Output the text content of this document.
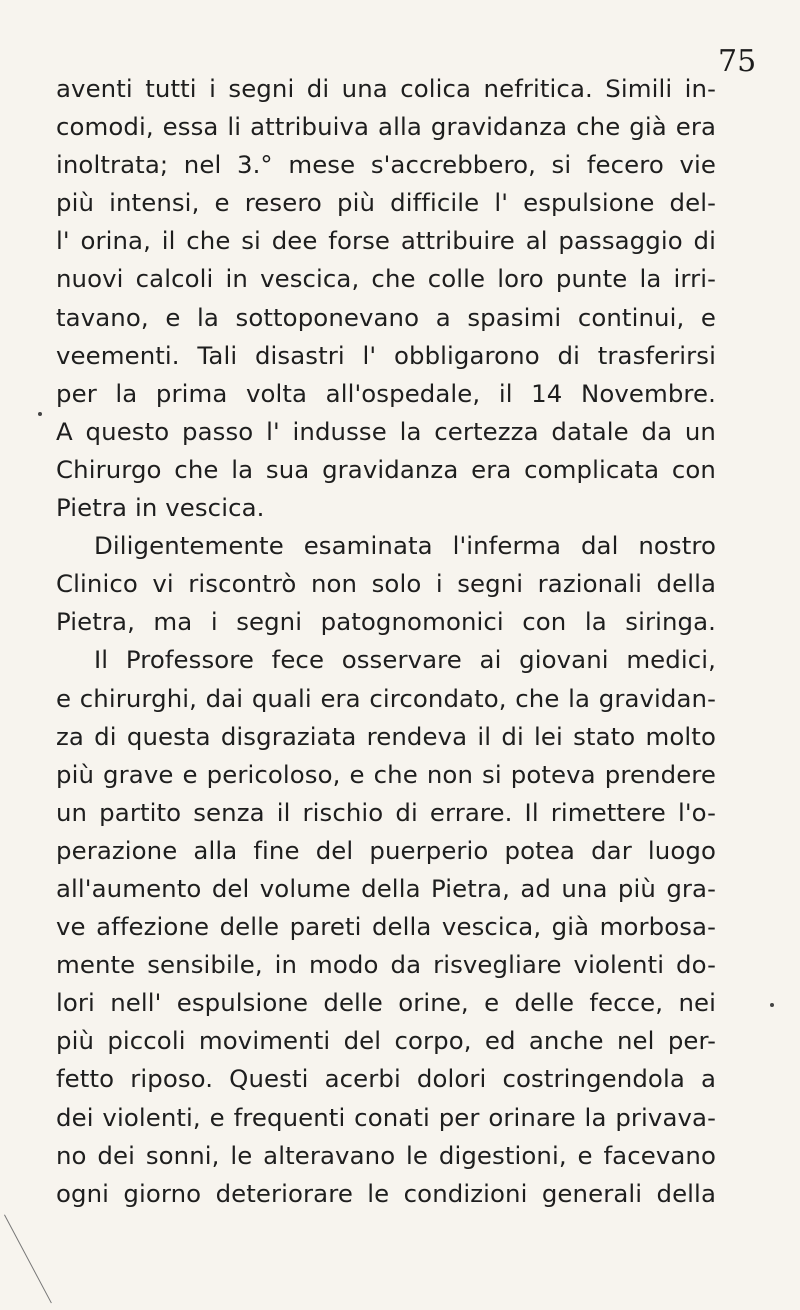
75
aventi tutti i segni di una colica nefritica. Simili in-
comodi, essa li attribuiva alla gravidanza che già era
inoltrata; nel 3.° mese s'accrebbero, si fecero vie
più intensi, e resero più difficile l' espulsione del-
l' orina, il che si dee forse attribuire al passaggio di
nuovi calcoli in vescica, che colle loro punte la irri-
tavano, e la sottoponevano a spasimi continui, e
veementi. Tali disastri l' obbligarono di trasferirsi
per la prima volta all'ospedale, il 14 Novembre.
A questo passo l' indusse la certezza datale da un
Chirurgo che la sua gravidanza era complicata con
Pietra in vescica.
Diligentemente esaminata l'inferma dal nostro
Clinico vi riscontrò non solo i segni razionali della
Pietra, ma i segni patognomonici con la siringa.
Il Professore fece osservare ai giovani medici,
e chirurghi, dai quali era circondato, che la gravidan-
za di questa disgraziata rendeva il di lei stato molto
più grave e pericoloso, e che non si poteva prendere
un partito senza il rischio di errare. Il rimettere l'o-
perazione alla fine del puerperio potea dar luogo
all'aumento del volume della Pietra, ad una più gra-
ve affezione delle pareti della vescica, già morbosa-
mente sensibile, in modo da risvegliare violenti do-
lori nell' espulsione delle orine, e delle fecce, nei
più piccoli movimenti del corpo, ed anche nel per-
fetto riposo. Questi acerbi dolori costringendola a
dei violenti, e frequenti conati per orinare la privava-
no dei sonni, le alteravano le digestioni, e facevano
ogni giorno deteriorare le condizioni generali della
